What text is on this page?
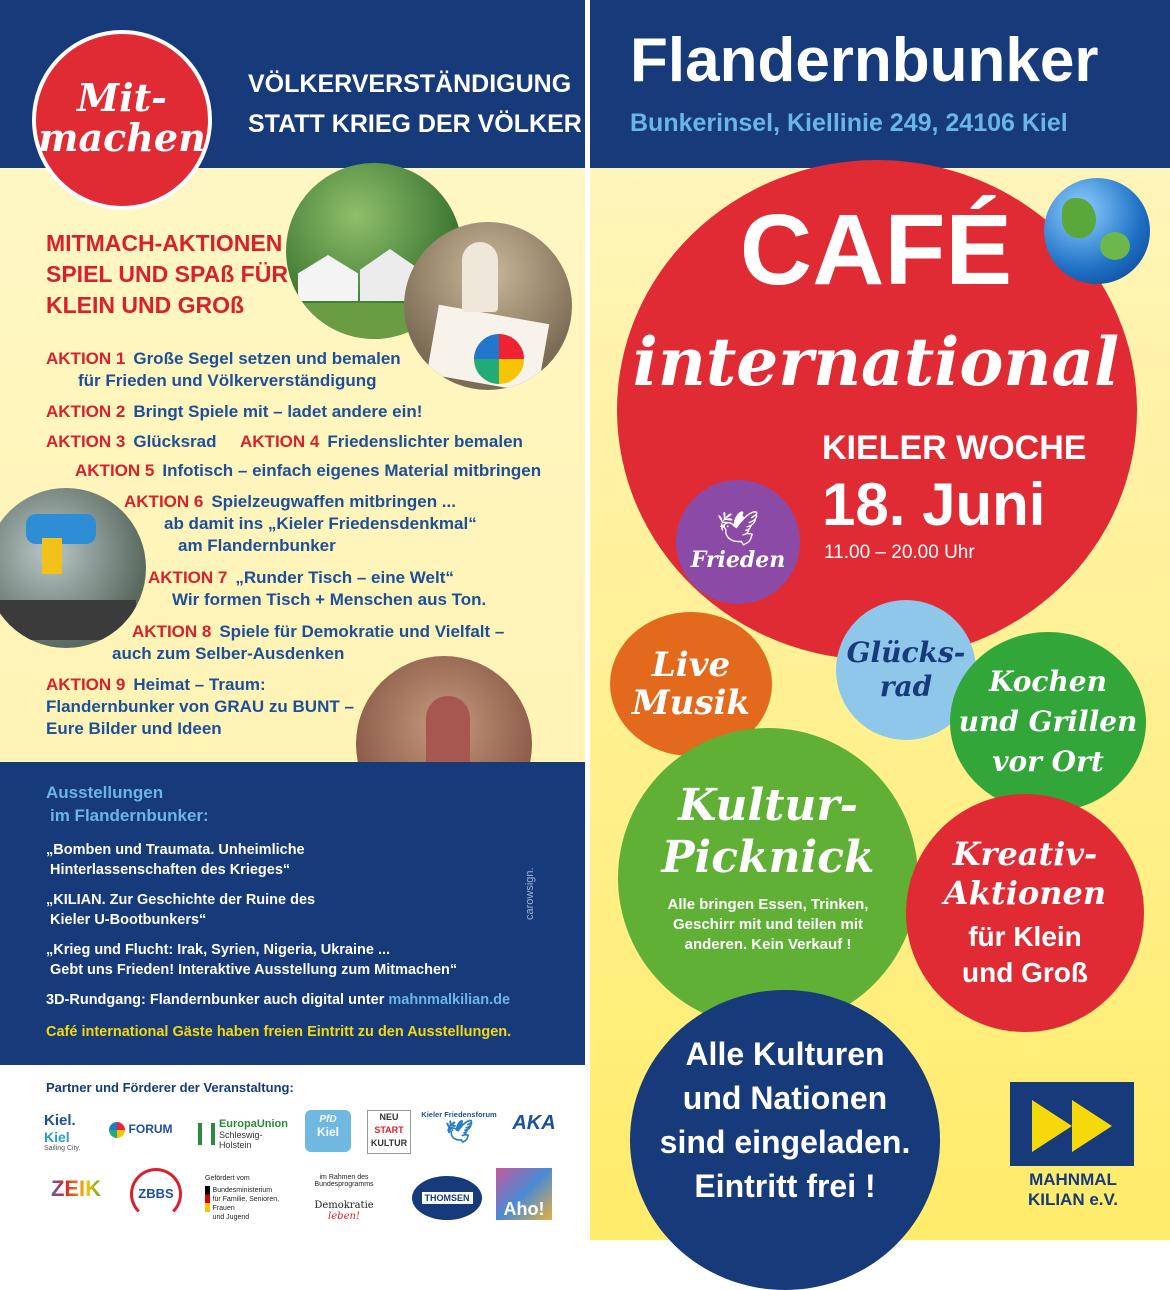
Mit-
machen
VÖLKERVERSTÄNDIGUNG
STATT KRIEG DER VÖLKER
Flandernbunker
Bunkerinsel, Kiellinie 249, 24106 Kiel
MITMACH-AKTIONEN
SPIEL UND SPAß FÜR
KLEIN UND GROß
AKTION 1 Große Segel setzen und bemalen
für Frieden und Völkerverständigung
AKTION 2 Bringt Spiele mit – ladet andere ein!
AKTION 3 Glücksrad AKTION 4 Friedenslichter bemalen
AKTION 5 Infotisch – einfach eigenes Material mitbringen
AKTION 6 Spielzeugwaffen mitbringen ...
ab damit ins „Kieler Friedensdenkmal“
am Flandernbunker
AKTION 7 „Runder Tisch – eine Welt“
Wir formen Tisch + Menschen aus Ton.
AKTION 8 Spiele für Demokratie und Vielfalt –
auch zum Selber-Ausdenken
AKTION 9 Heimat – Traum:
Flandernbunker von GRAU zu BUNT –
Eure Bilder und Ideen
Ausstellungen
im Flandernbunker:
„Bomben und Traumata. Unheimliche
Hinterlassenschaften des Krieges“
„KILIAN. Zur Geschichte der Ruine des
Kieler U-Bootbunkers“
„Krieg und Flucht: Irak, Syrien, Nigeria, Ukraine ...
Gebt uns Frieden! Interaktive Ausstellung zum Mitmachen“
3D-Rundgang: Flandernbunker auch digital unter mahnmalkilian.de
Café international Gäste haben freien Eintritt zu den Ausstellungen.
carowsign.
Partner und Förderer der Veranstaltung:
Kiel.
Kiel
Sailing City.
FORUM	EuropaUnion
Schleswig-Holstein
PfD
Kiel
NEU
START
KULTUR
Kieler Friedensforum
🕊	AKA
ZEIK	ZBBS
Gefördert vom
Bundesministerium
für Familie, Senioren, Frauen
und Jugend
im Rahmen des Bundesprogramms
Demokratie leben!
THOMSEN
Aho!
CAFÉ
international
KIELER WOCHE
18. Juni
11.00 – 20.00 Uhr
🕊
Frieden
Live
Musik
Glücks-
rad Kochen
und Grillen
vor Ort
Kultur-
Picknick
Alle bringen Essen, Trinken,
Geschirr mit und teilen mit
anderen. Kein Verkauf !
Kreativ-
Aktionen
für Klein
und Groß
Alle Kulturen
und Nationen
sind eingeladen.
Eintritt frei !	MAHNMAL
KILIAN e.V.
